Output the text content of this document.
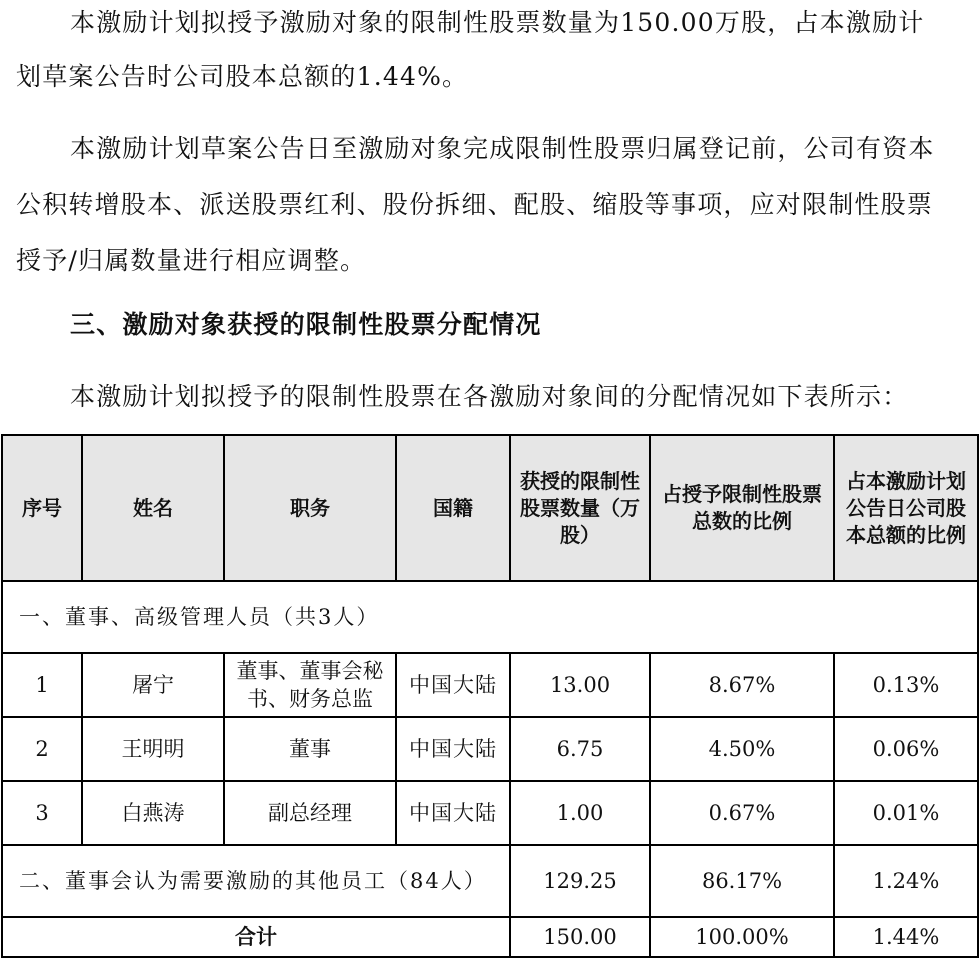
本激励计划拟授予激励对象的限制性股票数量为150.00万股，占本激励计

划草案公告时公司股本总额的1.44%。

本激励计划草案公告日至激励对象完成限制性股票归属登记前，公司有资本

公积转增股本、派送股票红利、股份拆细、配股、缩股等事项，应对限制性股票

授予/归属数量进行相应调整。

三、激励对象获授的限制性股票分配情况

本激励计划拟授予的限制性股票在各激励对象间的分配情况如下表所示：

序号	姓名	职务	国籍	获授的限制性股票数量（万股）	占授予限制性股票总数的比例	占本激励计划公告日公司股本总额的比例
一、董事、高级管理人员（共3人）						
1	屠宁	董事、董事会秘书、财务总监	中国大陆	13.00	8.67%	0.13%
2	王明明	董事	中国大陆	6.75	4.50%	0.06%
3	白燕涛	副总经理	中国大陆	1.00	0.67%	0.01%
二、董事会认为需要激励的其他员工（84人）				129.25	86.17%	1.24%
合计				150.00	100.00%	1.44%
